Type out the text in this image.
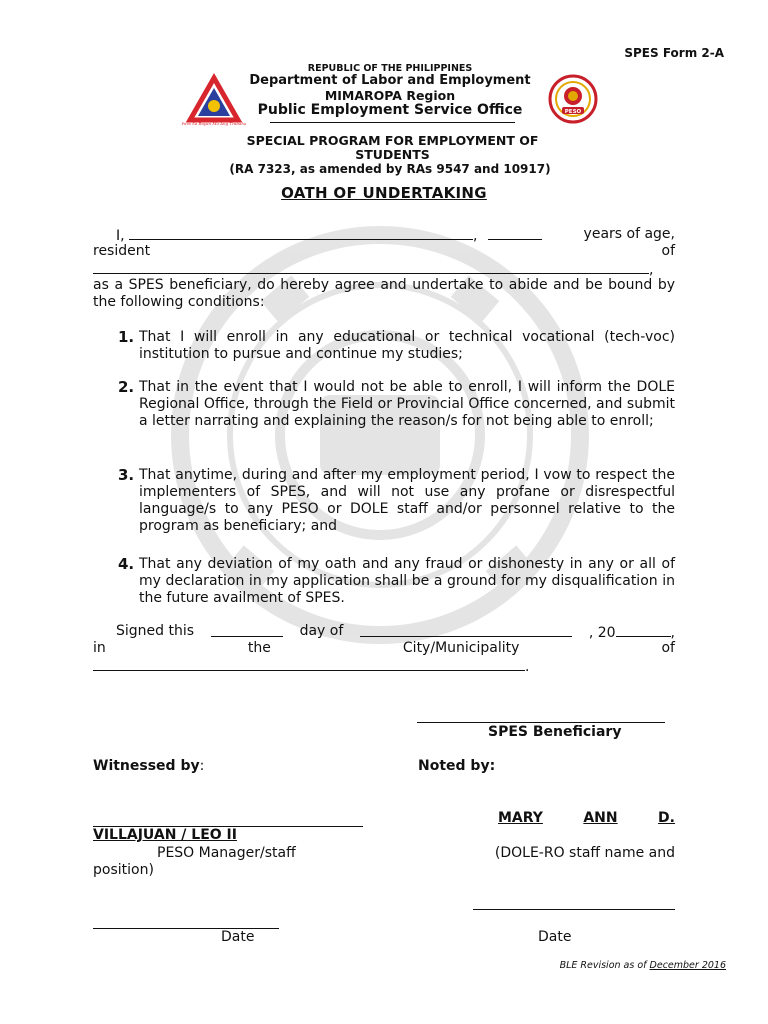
SPES Form 2-A
Para Sa Bayan Mo Ang Trabaho
PESO
REPUBLIC OF THE PHILIPPINES
Department of Labor and Employment
MIMAROPA Region
Public Employment Service Office
SPECIAL PROGRAM FOR EMPLOYMENT OF
STUDENTS
(RA 7323, as amended by RAs 9547 and 10917)
OATH OF UNDERTAKING
I,	,	years of age,
resident	of
,
as a SPES beneficiary, do hereby agree and undertake to abide and be bound by the following conditions:
1. That I will enroll in any educational or technical vocational (tech-voc) institution to pursue and continue my studies;
2. That in the event that I would not be able to enroll, I will inform the DOLE Regional Office, through the Field or Provincial Office concerned, and submit a letter narrating and explaining the reason/s for not being able to enroll;
3. That anytime, during and after my employment period, I vow to respect the implementers of SPES, and will not use any profane or disrespectful language/s to any PESO or DOLE staff and/or personnel relative to the program as beneficiary; and
4. That any deviation of my oath and any fraud or dishonesty in any or all of my declaration in my application shall be a ground for my disqualification in the future availment of SPES.
Signed this	day of	, 20	,
in	the	City/Municipality	of
.
SPES Beneficiary
Witnessed by:	Noted by:
MARY	ANN	D.
VILLAJUAN / LEO II
PESO Manager/staff	(DOLE-RO staff name and
position)
Date	Date
BLE Revision as of December 2016
